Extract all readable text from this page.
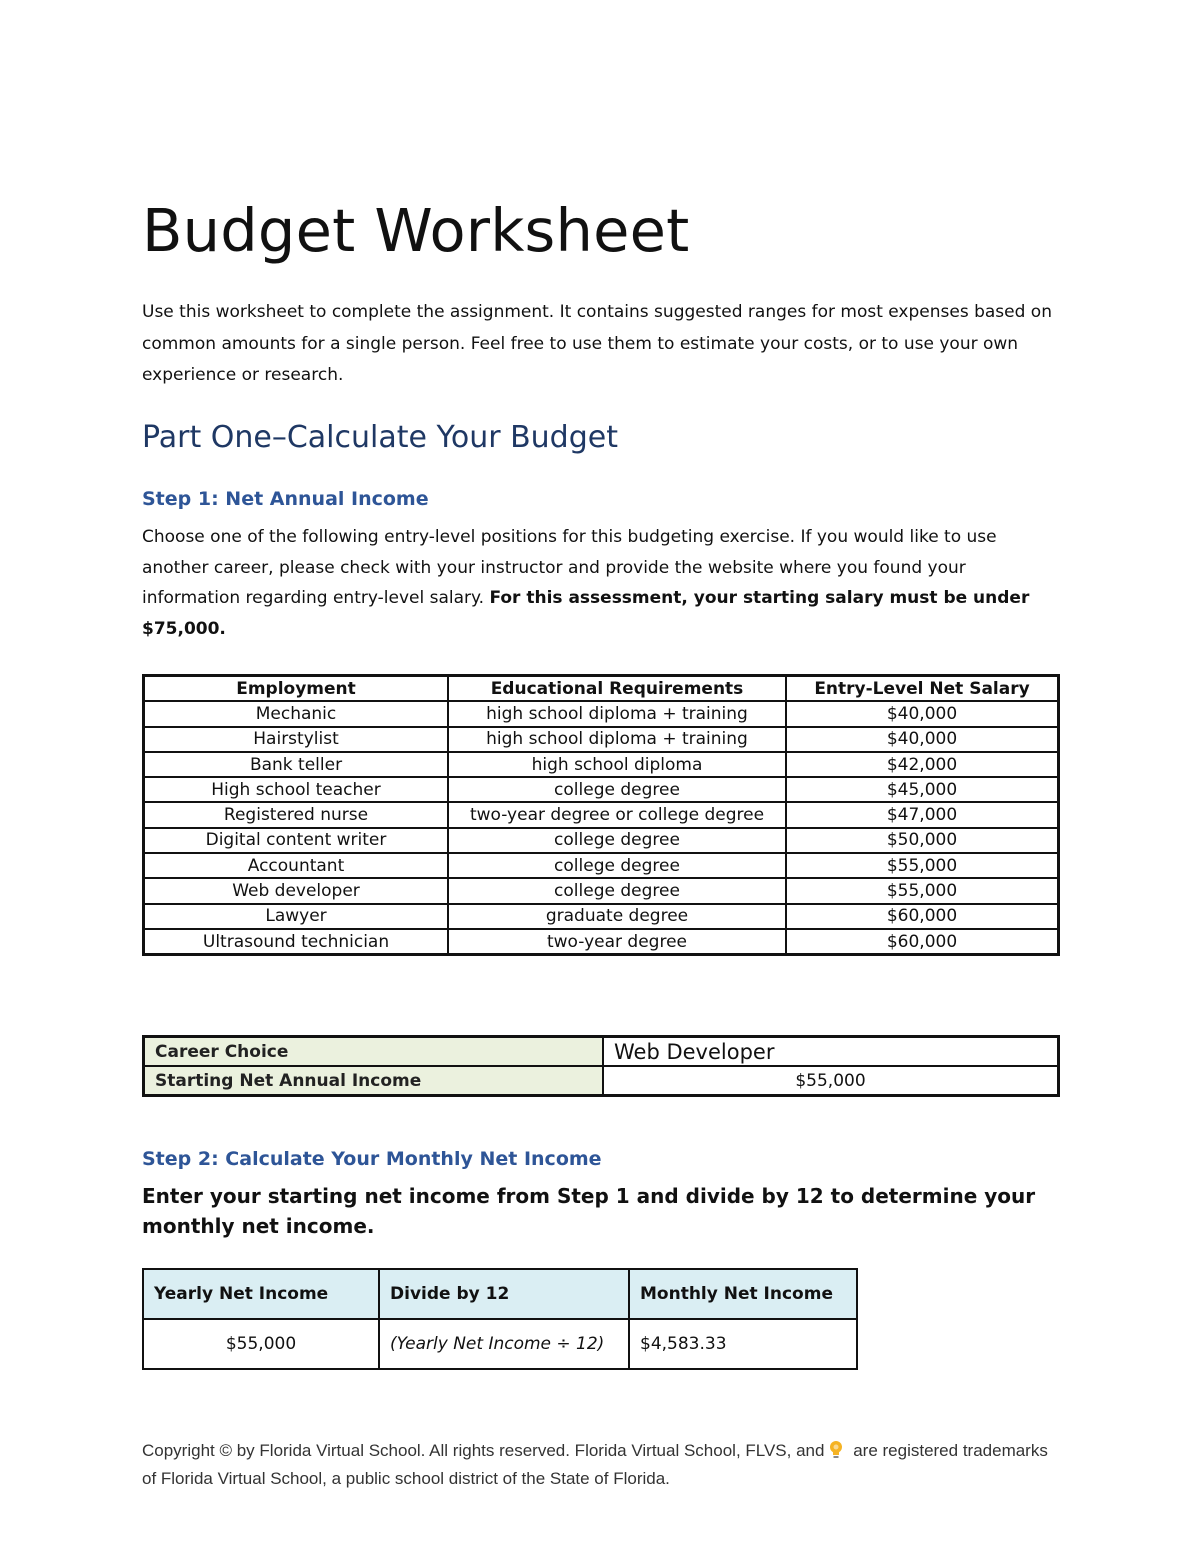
Budget Worksheet
Use this worksheet to complete the assignment. It contains suggested ranges for most expenses based on common amounts for a single person. Feel free to use them to estimate your costs, or to use your own experience or research.
Part One–Calculate Your Budget
Step 1: Net Annual Income
Choose one of the following entry-level positions for this budgeting exercise. If you would like to use another career, please check with your instructor and provide the website where you found your information regarding entry-level salary. For this assessment, your starting salary must be under $75,000.
Employment	Educational Requirements	Entry-Level Net Salary
Mechanic	high school diploma + training	$40,000
Hairstylist	high school diploma + training	$40,000
Bank teller	high school diploma	$42,000
High school teacher	college degree	$45,000
Registered nurse	two-year degree or college degree	$47,000
Digital content writer	college degree	$50,000
Accountant	college degree	$55,000
Web developer	college degree	$55,000
Lawyer	graduate degree	$60,000
Ultrasound technician	two-year degree	$60,000
Career Choice	Web Developer
Starting Net Annual Income	$55,000
Step 2: Calculate Your Monthly Net Income
Enter your starting net income from Step 1 and divide by 12 to determine your monthly net income.
Yearly Net Income	Divide by 12	Monthly Net Income
$55,000	(Yearly Net Income ÷ 12)	$4,583.33
Copyright © by Florida Virtual School. All rights reserved. Florida Virtual School, FLVS, and are registered trademarks of Florida Virtual School, a public school district of the State of Florida.
